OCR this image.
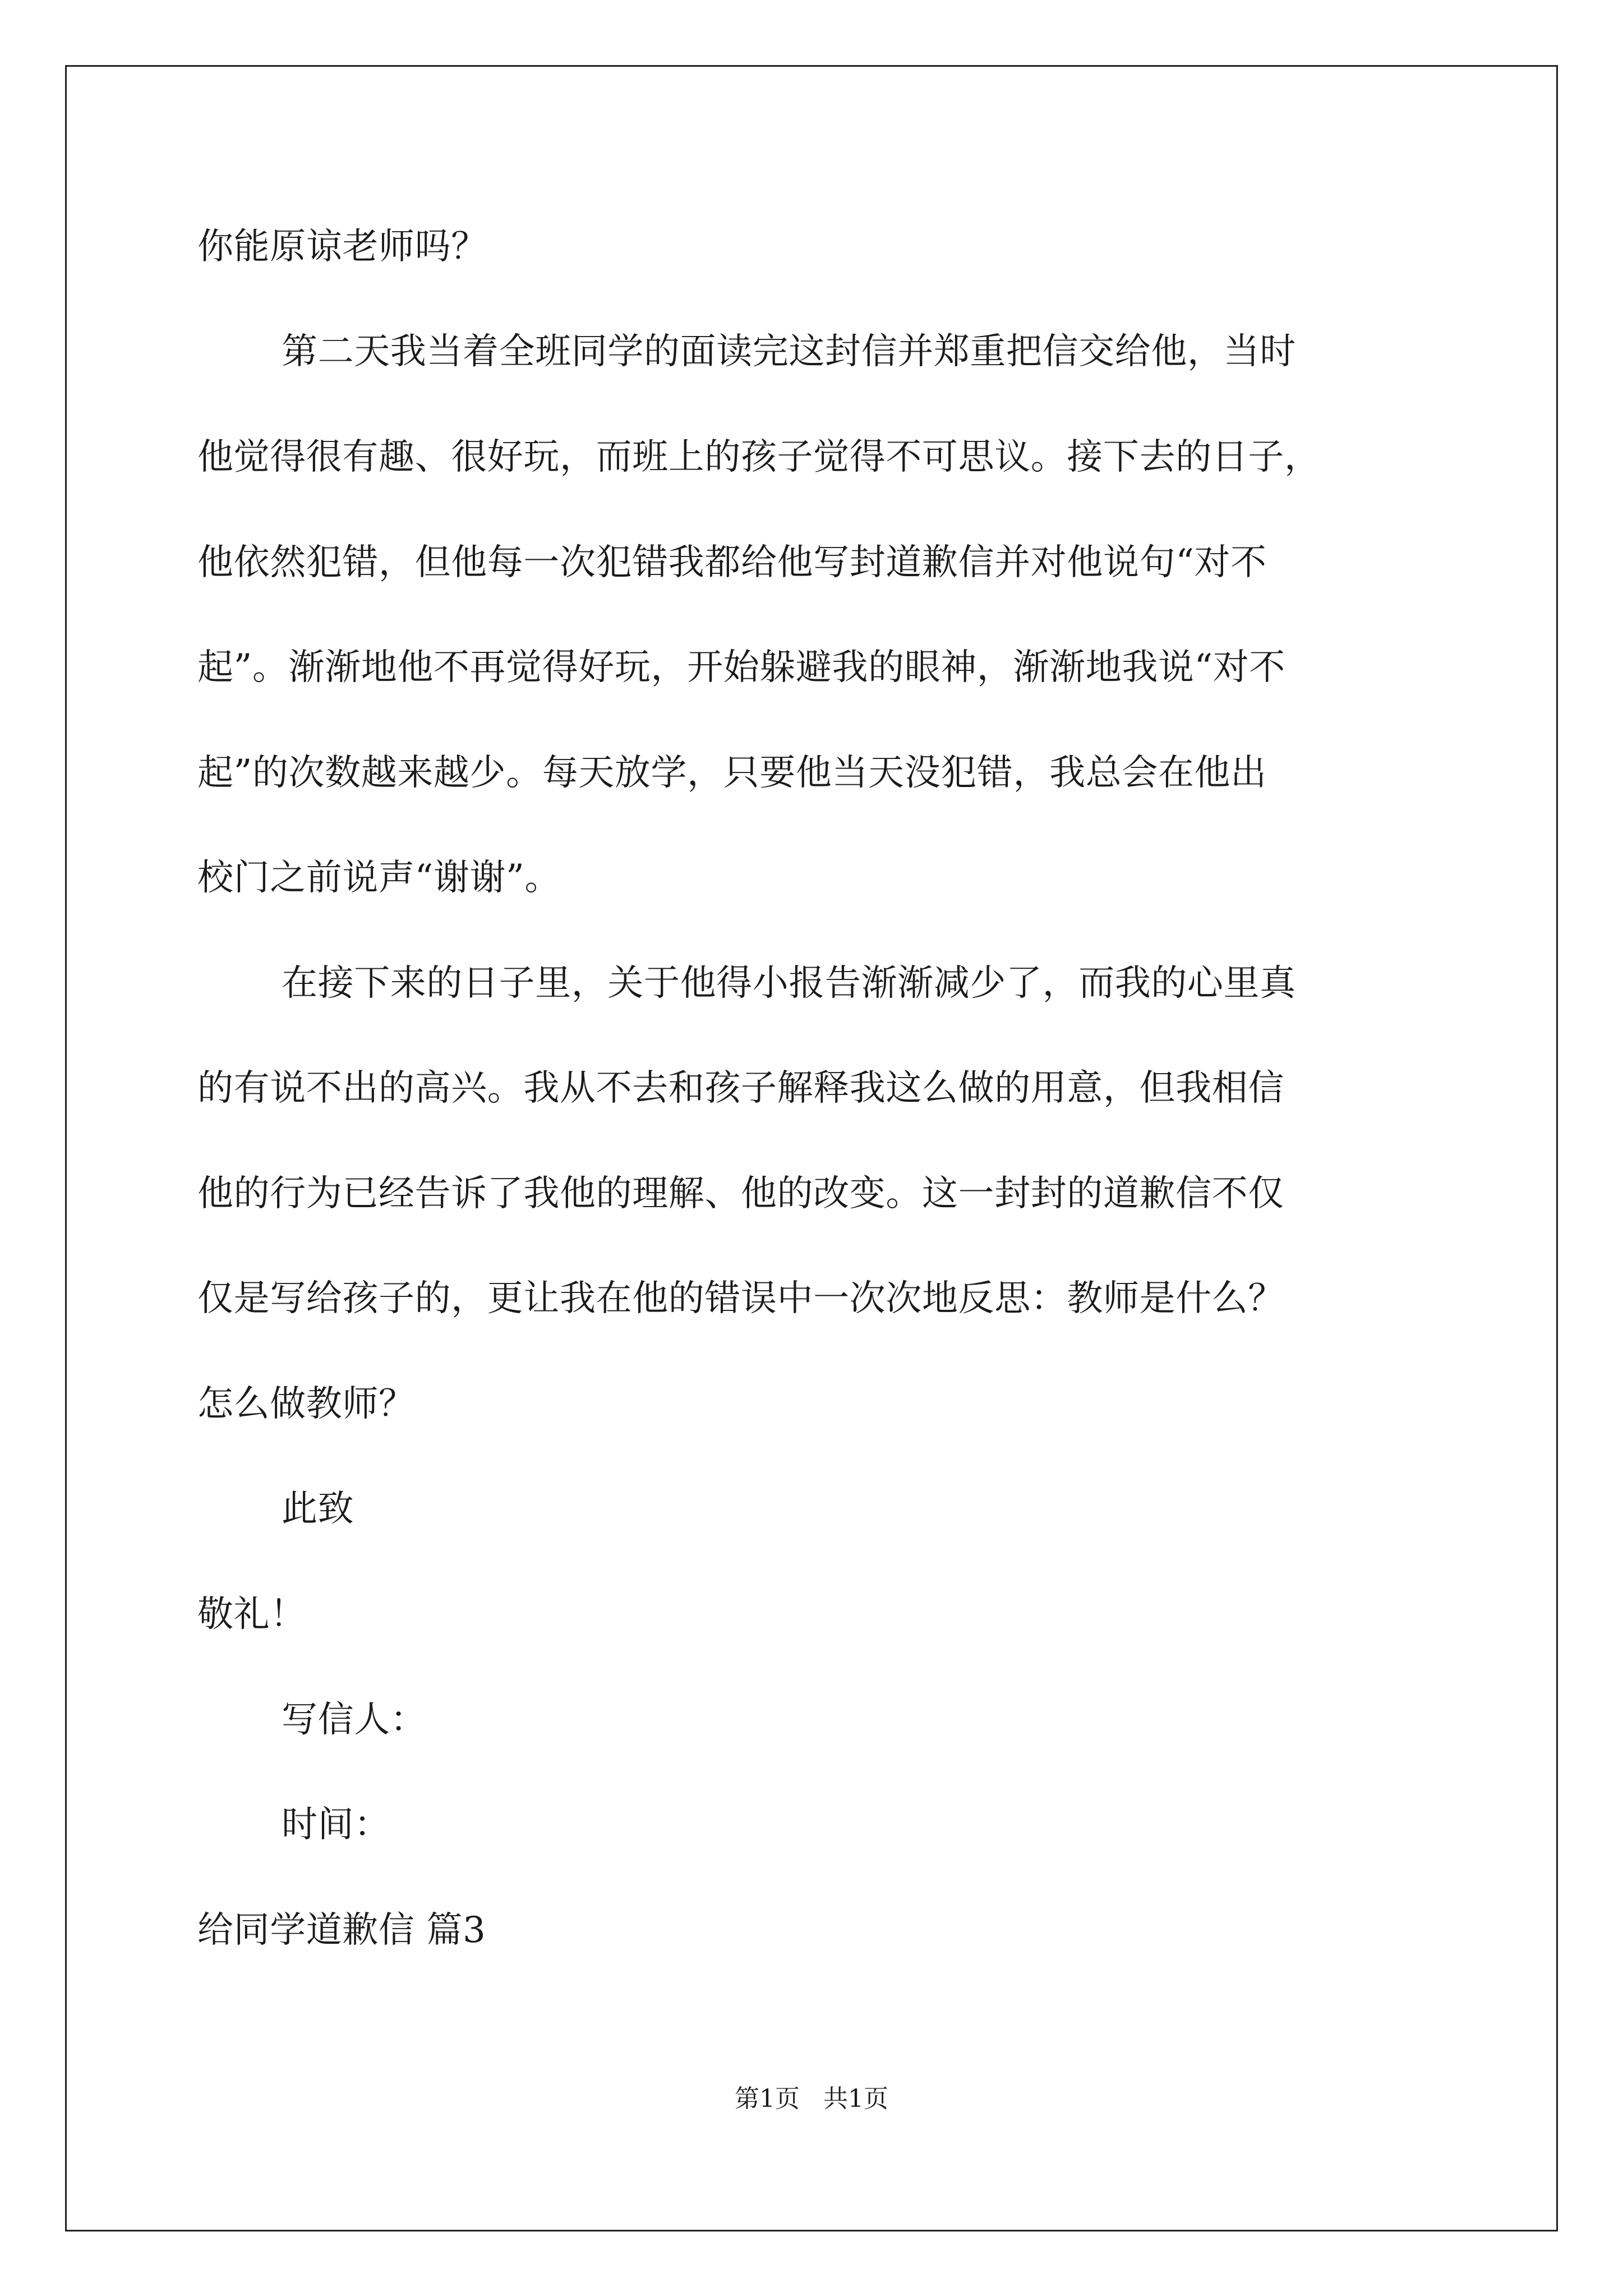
你能原谅老师吗？
第二天我当着全班同学的面读完这封信并郑重把信交给他，当时
他觉得很有趣、很好玩，而班上的孩子觉得不可思议。接下去的日子，
他依然犯错，但他每一次犯错我都给他写封道歉信并对他说句“对不
起”。渐渐地他不再觉得好玩，开始躲避我的眼神，渐渐地我说“对不
起”的次数越来越少。每天放学，只要他当天没犯错，我总会在他出
校门之前说声“谢谢”。
在接下来的日子里，关于他得小报告渐渐减少了，而我的心里真
的有说不出的高兴。我从不去和孩子解释我这么做的用意，但我相信
他的行为已经告诉了我他的理解、他的改变。这一封封的道歉信不仅
仅是写给孩子的，更让我在他的错误中一次次地反思：教师是什么？
怎么做教师？
此致
敬礼！
写信人：
时间：
给同学道歉信 篇3
第1页   共1页
